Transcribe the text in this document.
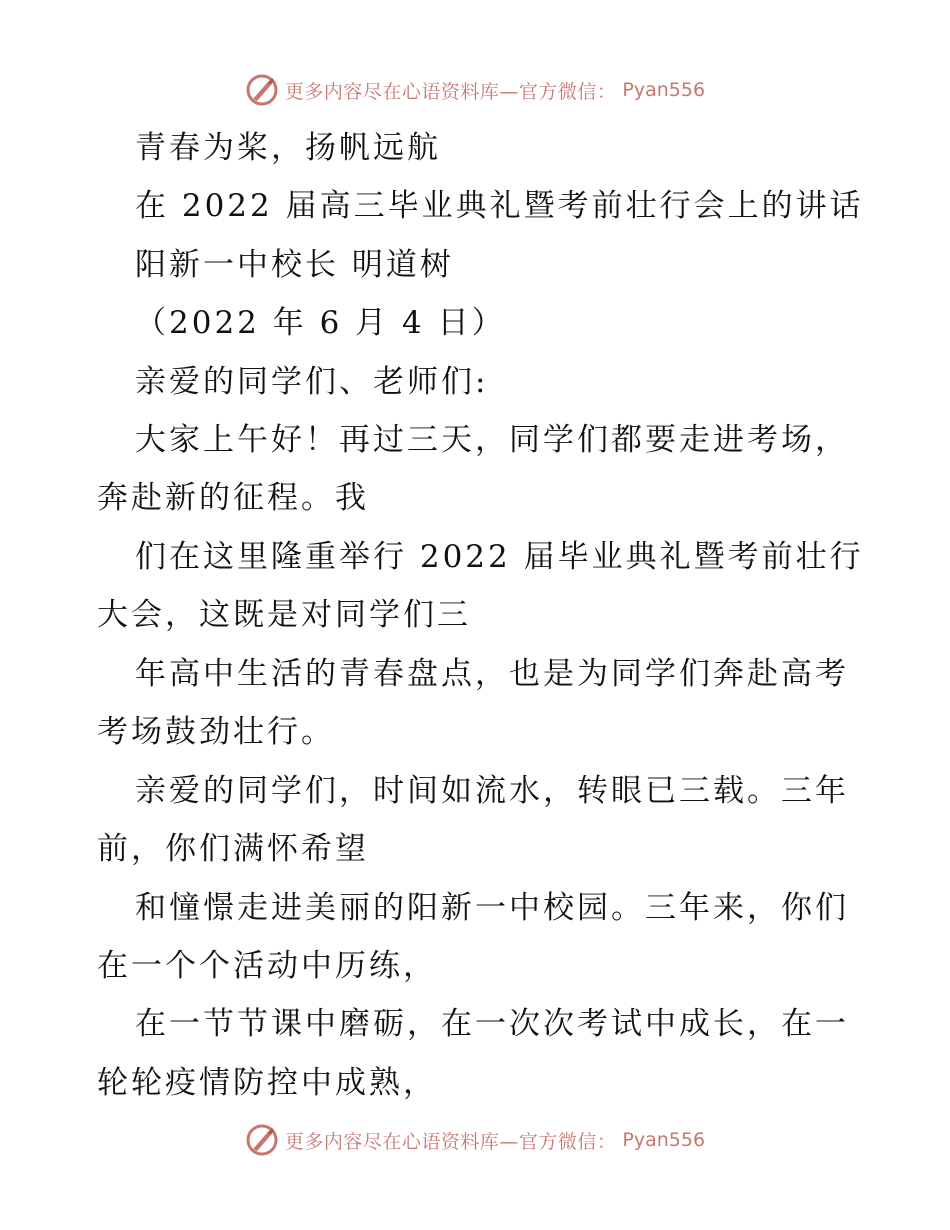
更多内容尽在心语资料库—官方微信： Pyan556
青春为桨，扬帆远航
在 2022 届高三毕业典礼暨考前壮行会上的讲话
阳新一中校长 明道树
（2022 年 6 月 4 日）
亲爱的同学们、老师们:
大家上午好！再过三天，同学们都要走进考场，
奔赴新的征程。我
们在这里隆重举行 2022 届毕业典礼暨考前壮行
大会，这既是对同学们三
年高中生活的青春盘点，也是为同学们奔赴高考
考场鼓劲壮行。
亲爱的同学们，时间如流水，转眼已三载。三年
前，你们满怀希望
和憧憬走进美丽的阳新一中校园。三年来，你们
在一个个活动中历练，
在一节节课中磨砺，在一次次考试中成长，在一
轮轮疫情防控中成熟，
更多内容尽在心语资料库—官方微信： Pyan556
